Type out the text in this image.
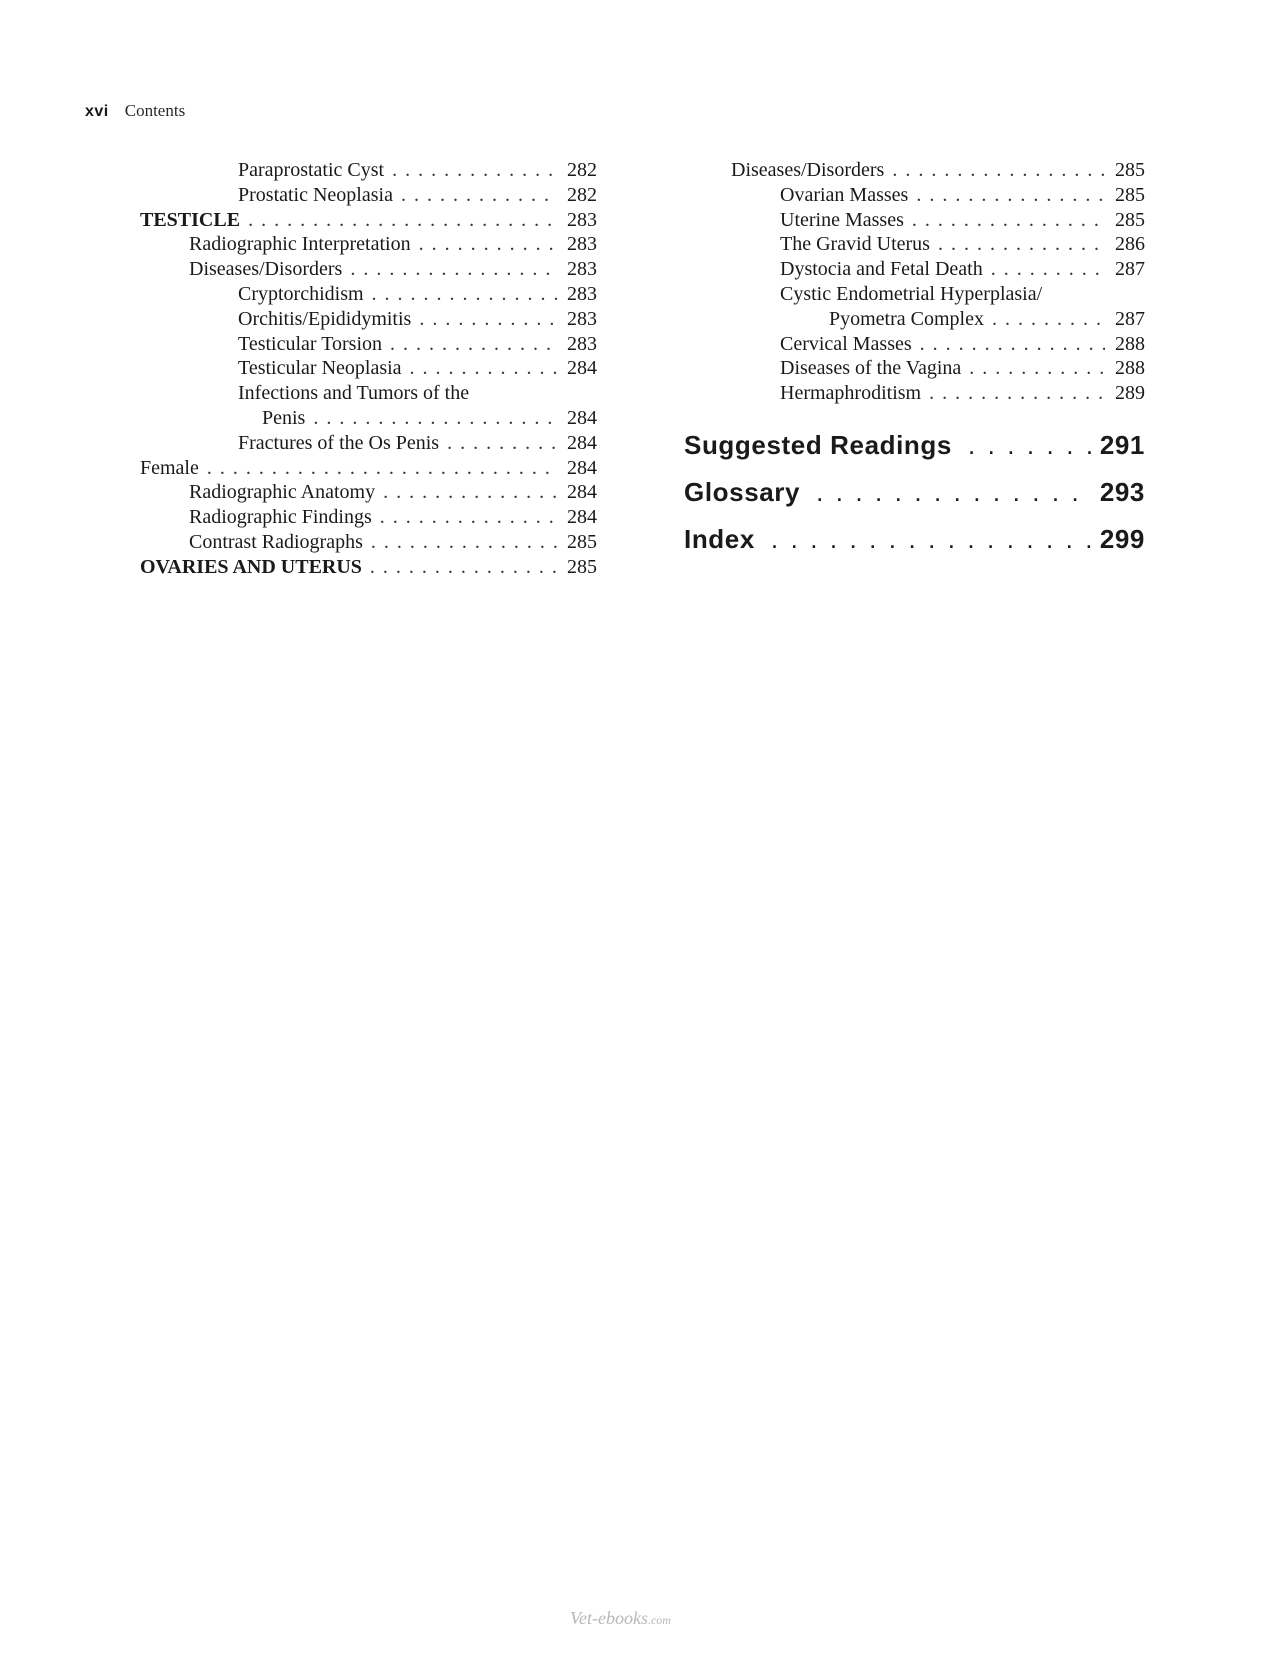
xvi Contents
Paraprostatic Cyst . . .	282
Prostatic Neoplasia . . .	282
TESTICLE . . .	283
Radiographic Interpretation . . .	283
Diseases/Disorders . . .	283
Cryptorchidism . . .	283
Orchitis/Epididymitis . . .	283
Testicular Torsion . . .	283
Testicular Neoplasia . . .	284
Infections and Tumors of the
Penis . . .	284
Fractures of the Os Penis . . .	284
Female . . .	284
Radiographic Anatomy . . .	284
Radiographic Findings . . .	284
Contrast Radiographs . . .	285
OVARIES AND UTERUS . . .	285
Diseases/Disorders . . .	285
Ovarian Masses . . .	285
Uterine Masses . . .	285
The Gravid Uterus . . .	286
Dystocia and Fetal Death . . .	287
Cystic Endometrial Hyperplasia/
Pyometra Complex . . .	287
Cervical Masses . . .	288
Diseases of the Vagina . . .	288
Hermaphroditism . . .	289
Suggested Readings . . .	291
Glossary . . .	293
Index . . .	299
Vet-ebooks.com
